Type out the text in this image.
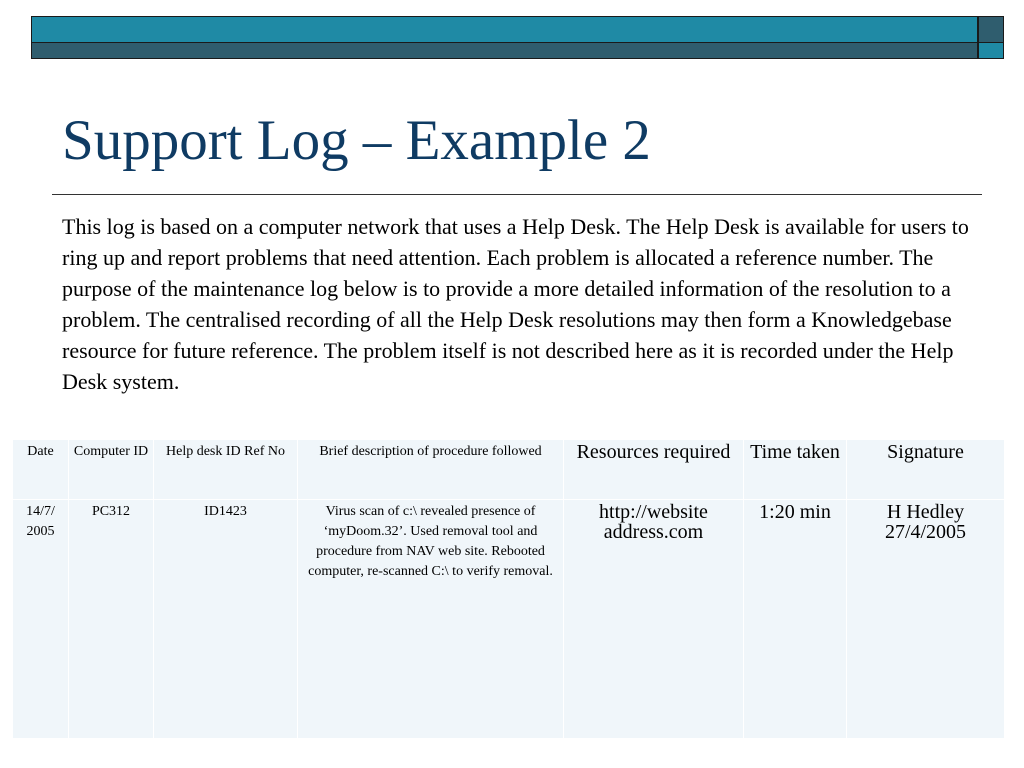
Support Log – Example 2

This log is based on a computer network that uses a Help Desk. The Help Desk is available for users to ring up and report problems that need attention. Each problem is allocated a reference number. The purpose of the maintenance log below is to provide a more detailed information of the resolution to a problem. The centralised recording of all the Help Desk resolutions may then form a Knowledgebase resource for future reference. The problem itself is not described here as it is recorded under the Help Desk system.

Date	Computer ID	Help desk ID Ref No	Brief description of procedure followed	Resources required	Time taken	Signature
14/7/ 2005	PC312	ID1423	Virus scan of c:\ revealed presence of ‘myDoom.32’. Used removal tool and procedure from NAV web site. Rebooted computer, re-scanned C:\ to verify removal.	http://website address.com	1:20 min	H Hedley 27/4/2005
